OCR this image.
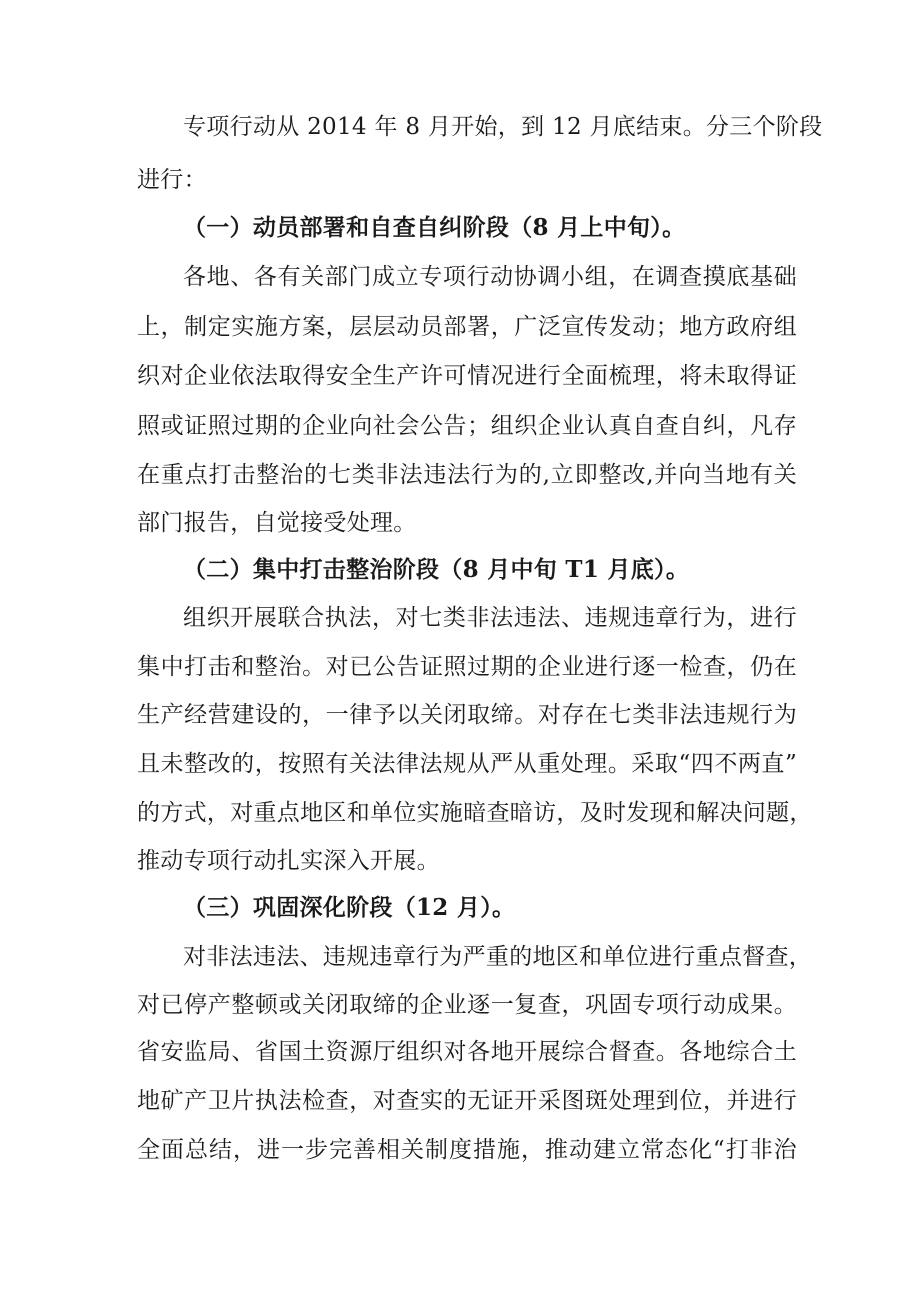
专项行动从 2014 年 8 月开始，到 12 月底结束。分三个阶段
进行：
（一）动员部署和自查自纠阶段（8 月上中旬）。
各地、各有关部门成立专项行动协调小组，在调查摸底基础
上，制定实施方案，层层动员部署，广泛宣传发动；地方政府组
织对企业依法取得安全生产许可情况进行全面梳理，将未取得证
照或证照过期的企业向社会公告；组织企业认真自查自纠，凡存
在重点打击整治的七类非法违法行为的,立即整改,并向当地有关
部门报告，自觉接受处理。
（二）集中打击整治阶段（8 月中旬 T1 月底）。
组织开展联合执法，对七类非法违法、违规违章行为，进行
集中打击和整治。对已公告证照过期的企业进行逐一检查，仍在
生产经营建设的，一律予以关闭取缔。对存在七类非法违规行为
且未整改的，按照有关法律法规从严从重处理。采取“四不两直”
的方式，对重点地区和单位实施暗查暗访，及时发现和解决问题，
推动专项行动扎实深入开展。
（三）巩固深化阶段（12 月）。
对非法违法、违规违章行为严重的地区和单位进行重点督查，
对已停产整顿或关闭取缔的企业逐一复查，巩固专项行动成果。
省安监局、省国土资源厅组织对各地开展综合督查。各地综合土
地矿产卫片执法检查，对查实的无证开采图斑处理到位，并进行
全面总结，进一步完善相关制度措施，推动建立常态化“打非治
